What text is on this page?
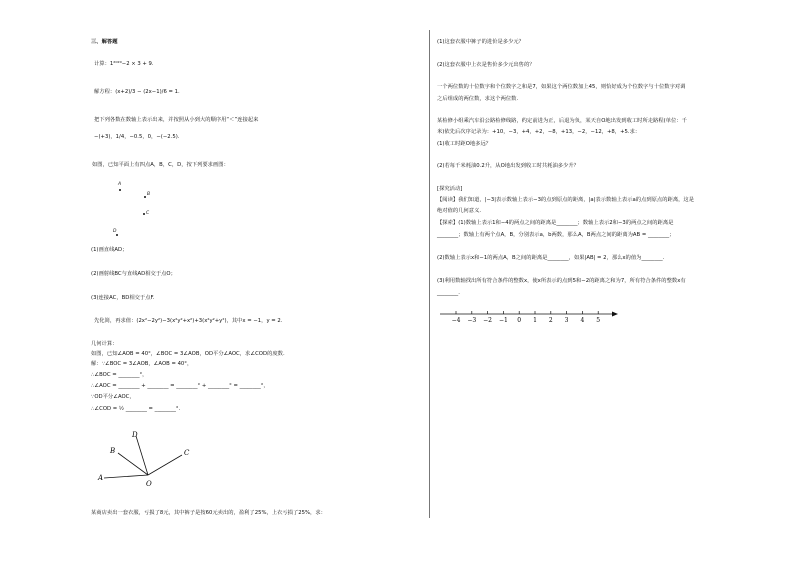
三、解答题
计算：1²⁰²⁰−2 × 3 + 9.
解方程：(x+2)/3 − (2x−1)/6 = 1.
把下列各数在数轴上表示出来，并按照从小到大的顺序用“＜”连接起来
−(+3)，1/4，−0.5，0，−(−2.5).
如图，已知平面上有四点A，B，C，D，按下列要求画图：
A
B
C
D
(1)画直线AD；
(2)画射线BC与直线AD相交于点O；
(3)连接AC，BD相交于点F.
先化简，再求值：(2x²−2y²)−3(x²y²+x²)+3(x²y²+y²)，其中x = −1，y = 2.
几何计算：
如图，已知∠AOB = 40°，∠BOC = 3∠AOB，OD平分∠AOC，求∠COD的度数.
解：∵∠BOC = 3∠AOB，∠AOB = 40°，
∴∠BOC = ________°，
∴∠AOC = ________ + ________ = ________° + ________° = ________°，
∵OD平分∠AOC，
∴∠COD = ½ ________ = ________°.
A
B
D
C
O
某商店卖出一套衣服，亏损了8元，其中裤子是按60元卖出的，盈利了25%，上衣亏损了25%，求：
(1)这套衣服中裤子的进价是多少元？
(2)这套衣服中上衣是售价多少元出售的？
一个两位数的十位数字和个位数字之和是7，如果这个两位数加上45，则恰好成为个位数字与十位数字对调
之后组成的两位数，求这个两位数.
某检修小组乘汽车沿公路检修线路，约定前进为正，后退为负，某天自O地出发到收工时所走路程(单位：千
米)依先后次序记录为：+10，−3，+4，+2，−8，+13，−2，−12，+8，+5.求：
(1)收工时距O地多远？
(2)若每千米耗油0.2升，从O地出发到收工时共耗油多少升？
[探究活动]
【阅读】我们知道，|−3|表示数轴上表示−3的点到原点的距离，|a|表示数轴上表示a的点到原点的距离，这是
绝对值的几何意义.
【探索】(1)数轴上表示1和−4的两点之间的距离是________；数轴上表示2和−3的两点之间的距离是
________；数轴上有两个点A，B，分别表示a，b两数，那么A，B两点之间的距离为AB = ________；
(2)数轴上表示x和−1的两点A，B之间的距离是________，如果|AB| = 2，那么x的值为________.
(3)利用数轴找出所有符合条件的整数x，使x所表示的点到5和−2的距离之和为7，所有符合条件的整数x有
________.
−4 −3 −2 −1 0 1 2 3 4 5
